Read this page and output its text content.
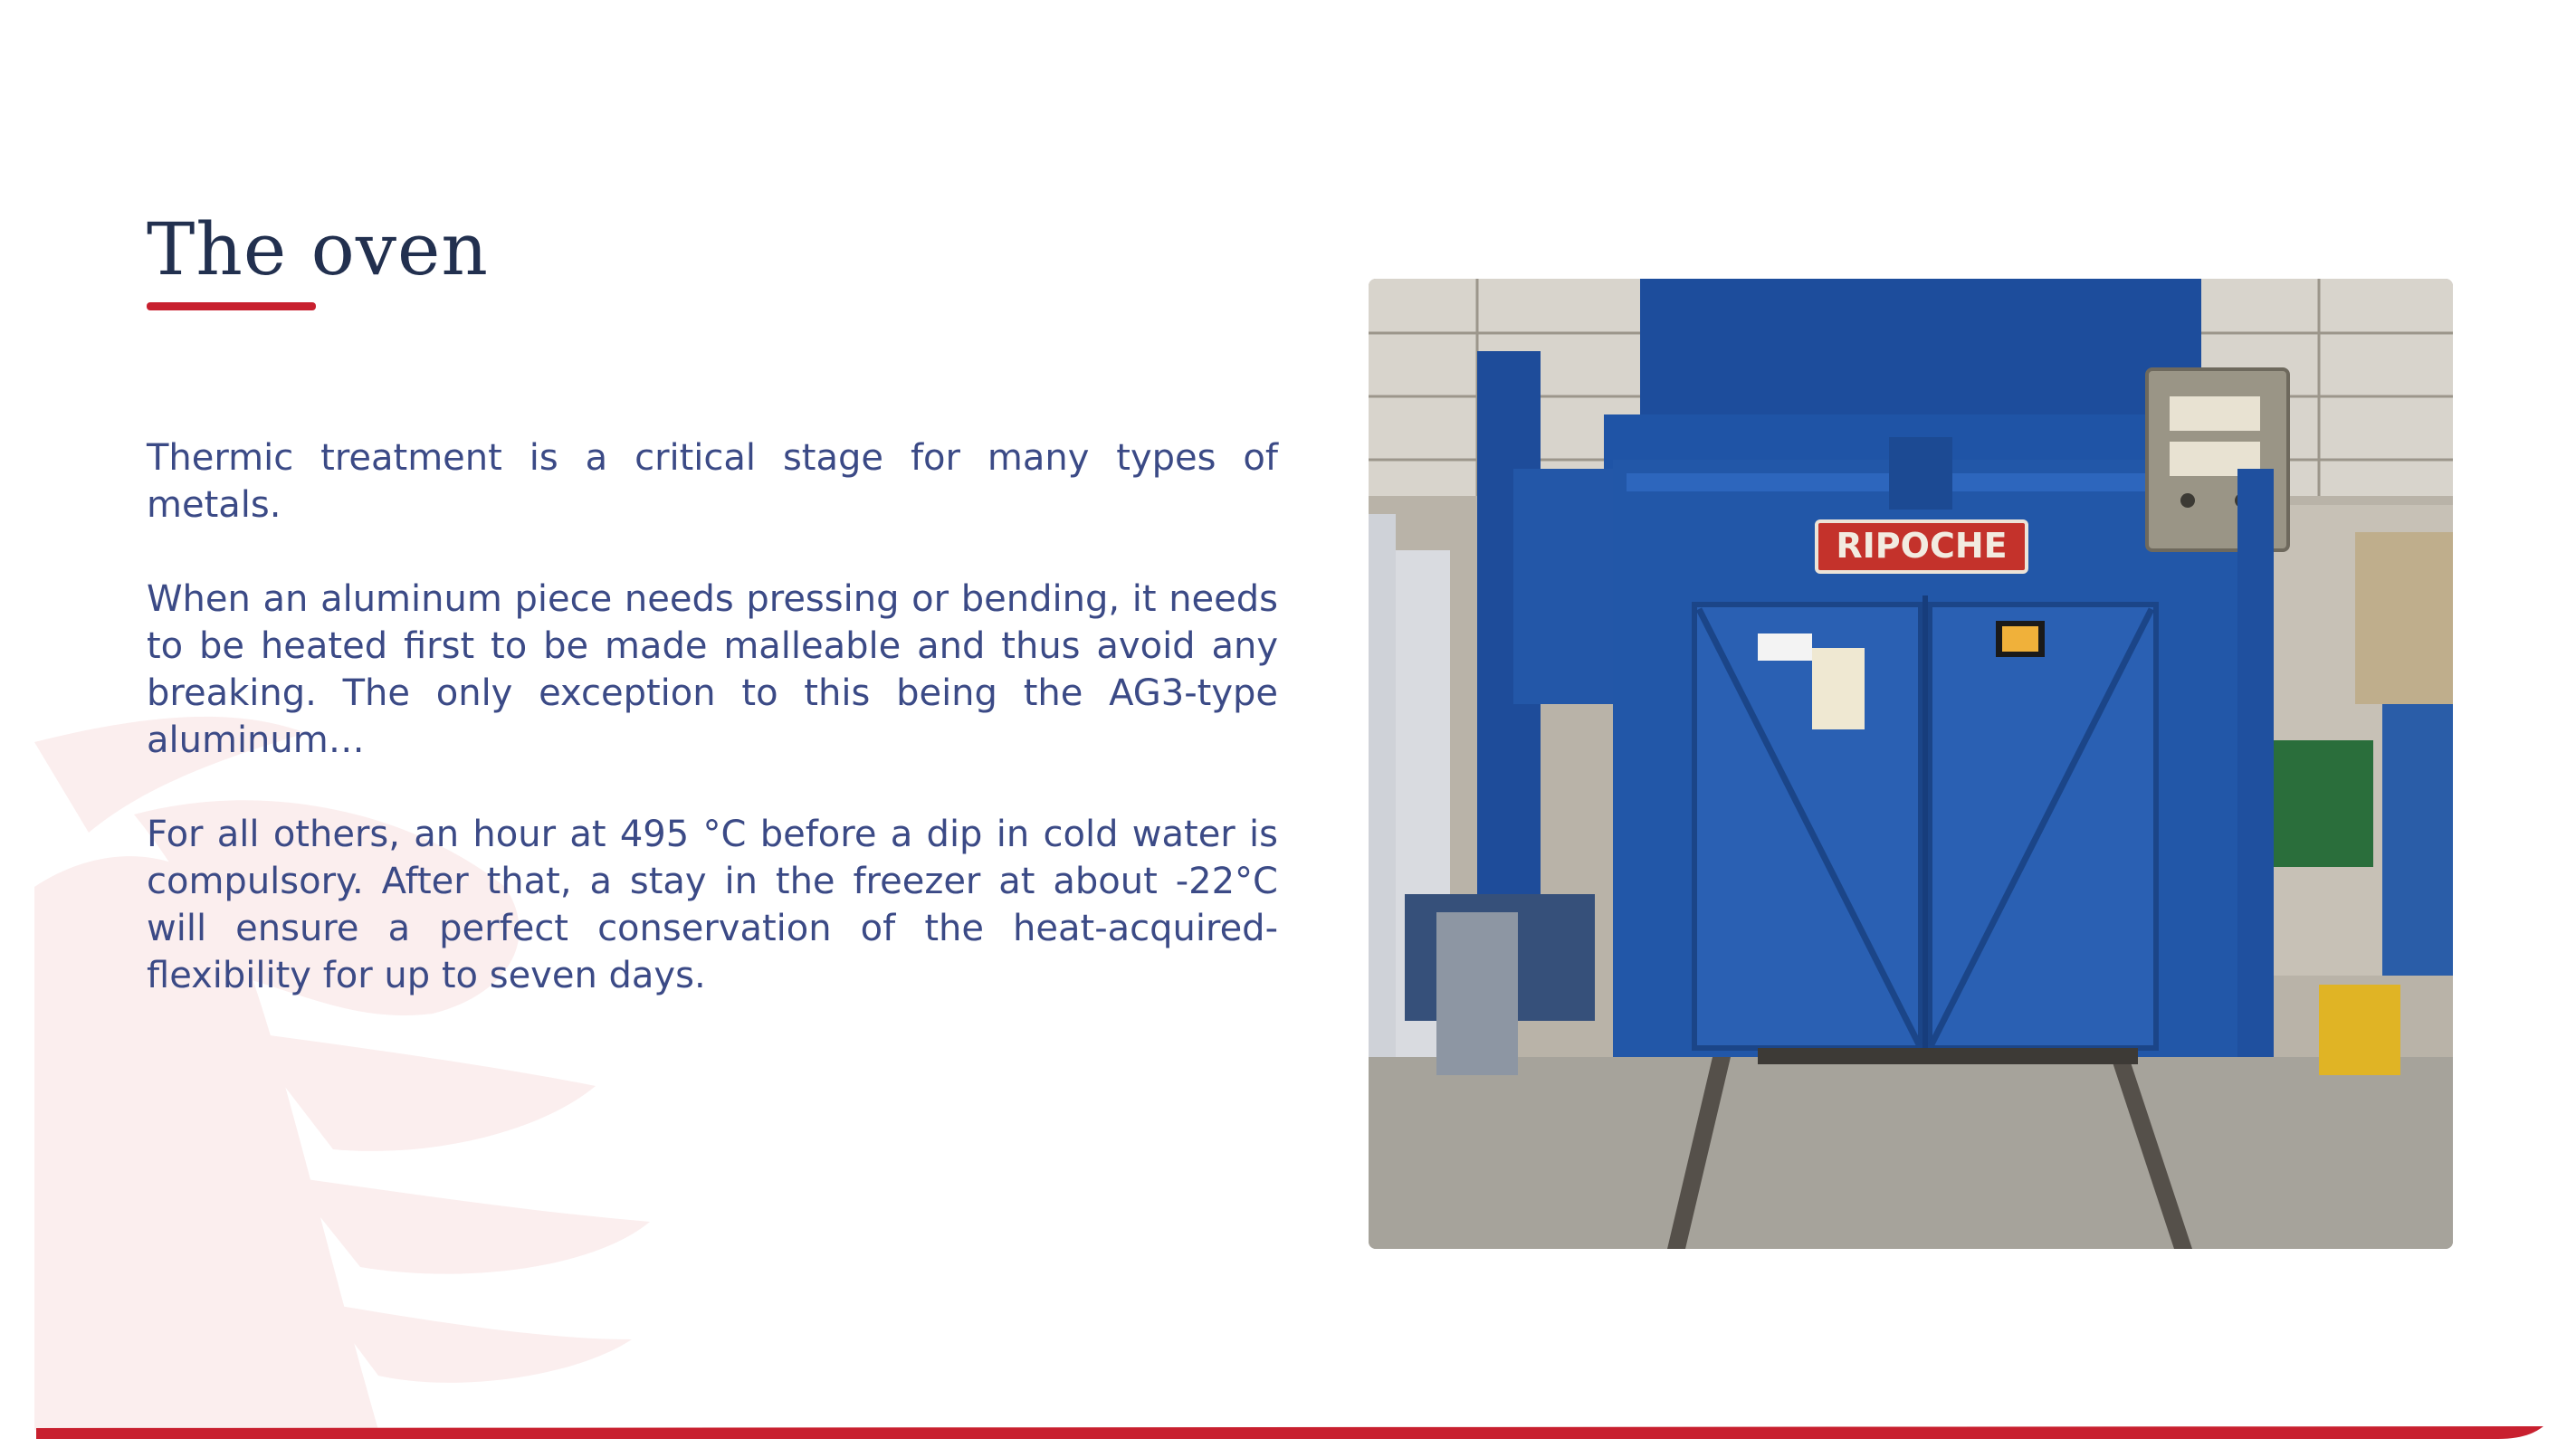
The oven

Thermic treatment is a critical stage for many types of metals.

When an aluminum piece needs pressing or bending, it needs to be heated first to be made malleable and thus avoid any breaking. The only exception to this being the AG3-type aluminum…

For all others, an hour at 495 °C before a dip in cold water is compulsory. After that, a stay in the freezer at about -22°C will ensure a perfect conservation of the heat-acquired-flexibility for up to seven days.

RIPOCHE
